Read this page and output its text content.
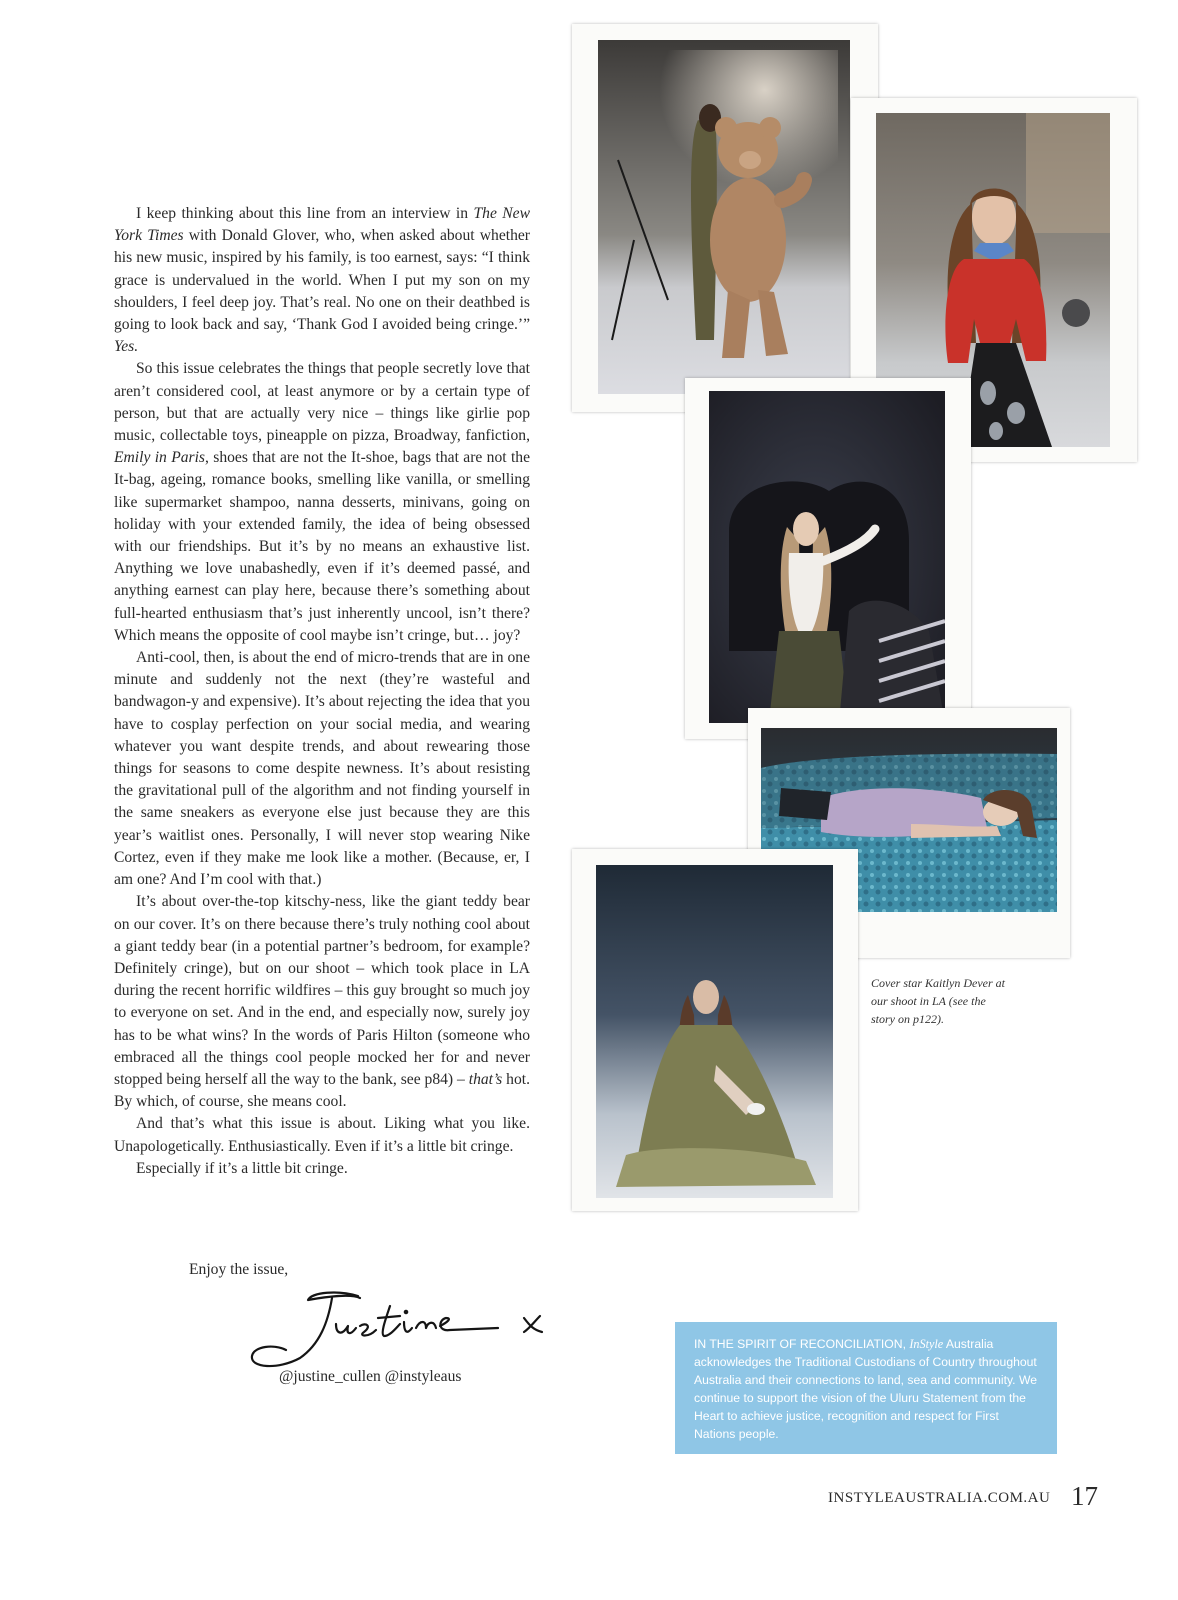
I keep thinking about this line from an interview in The New York Times with Donald Glover, who, when asked about whether his new music, inspired by his family, is too earnest, says: “I think grace is undervalued in the world. When I put my son on my shoulders, I feel deep joy. That’s real. No one on their deathbed is going to look back and say, ‘Thank God I avoided being cringe.’” Yes.

So this issue celebrates the things that people secretly love that aren’t considered cool, at least anymore or by a certain type of person, but that are actually very nice – things like girlie pop music, collectable toys, pineapple on pizza, Broadway, fanfiction, Emily in Paris, shoes that are not the It-shoe, bags that are not the It-bag, ageing, romance books, smelling like vanilla, or smelling like supermarket shampoo, nanna desserts, minivans, going on holiday with your extended family, the idea of being obsessed with our friendships. But it’s by no means an exhaustive list. Anything we love unabashedly, even if it’s deemed passé, and anything earnest can play here, because there’s something about full-hearted enthusiasm that’s just inherently uncool, isn’t there? Which means the opposite of cool maybe isn’t cringe, but… joy?

Anti-cool, then, is about the end of micro-trends that are in one minute and suddenly not the next (they’re wasteful and bandwagon-y and expensive). It’s about rejecting the idea that you have to cosplay perfection on your social media, and wearing whatever you want despite trends, and about rewearing those things for seasons to come despite newness. It’s about resisting the gravitational pull of the algorithm and not finding yourself in the same sneakers as everyone else just because they are this year’s waitlist ones. Personally, I will never stop wearing Nike Cortez, even if they make me look like a mother. (Because, er, I am one? And I’m cool with that.)

It’s about over-the-top kitschy-ness, like the giant teddy bear on our cover. It’s on there because there’s truly nothing cool about a giant teddy bear (in a potential partner’s bedroom, for example? Definitely cringe), but on our shoot – which took place in LA during the recent horrific wildfires – this guy brought so much joy to everyone on set. And in the end, and especially now, surely joy has to be what wins? In the words of Paris Hilton (someone who embraced all the things cool people mocked her for and never stopped being herself all the way to the bank, see p84) – that’s hot. By which, of course, she means cool.

And that’s what this issue is about. Liking what you like. Unapologetically. Enthusiastically. Even if it’s a little bit cringe.

Especially if it’s a little bit cringe.

Enjoy the issue,
@justine_cullen @instyleaus
Cover star Kaitlyn Dever at our shoot in LA (see the story on p122).
IN THE SPIRIT OF RECONCILIATION, InStyle Australia acknowledges the Traditional Custodians of Country throughout Australia and their connections to land, sea and community. We continue to support the vision of the Uluru Statement from the Heart to achieve justice, recognition and respect for First Nations people.
INSTYLEAUSTRALIA.COM.AU 17
